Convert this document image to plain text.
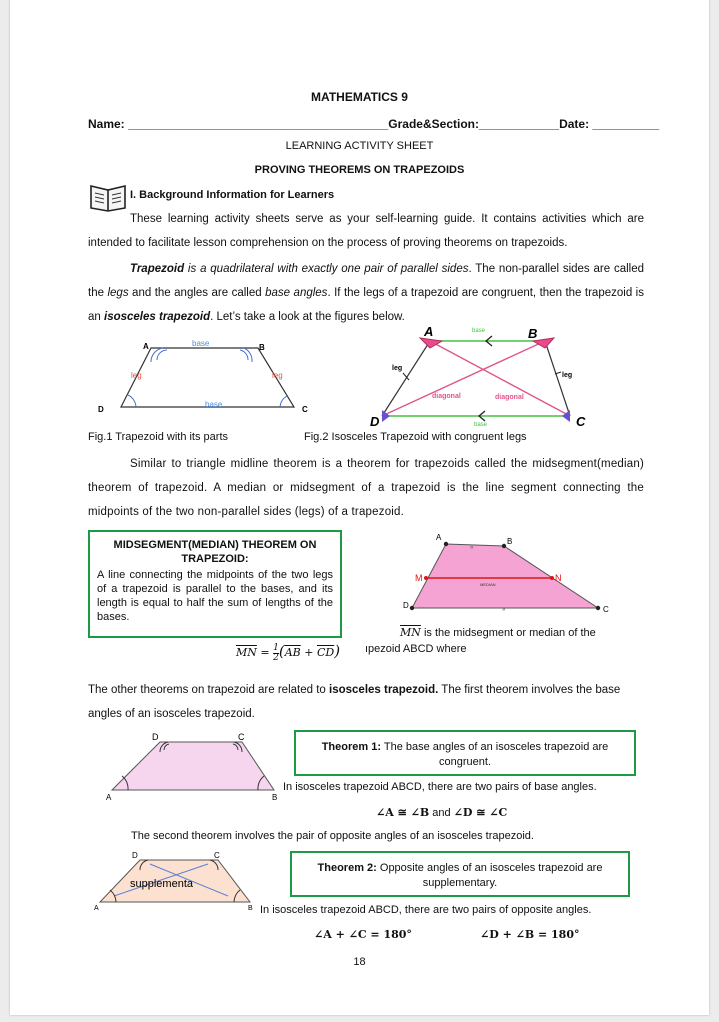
MATHEMATICS 9
Name: _______________________________________Grade&Section:____________Date: __________
LEARNING ACTIVITY SHEET
PROVING THEOREMS ON TRAPEZOIDS
I. Background Information for Learners
These learning activity sheets serve as your self-learning guide. It contains activities which are intended to facilitate lesson comprehension on the process of proving theorems on trapezoids.
Trapezoid is a quadrilateral with exactly one pair of parallel sides. The non-parallel sides are called the legs and the angles are called base angles. If the legs of a trapezoid are congruent, then the trapezoid is an isosceles trapezoid. Let’s take a look at the figures below.
A	B
C
D
base
base
leg	leg
A	B
C
D
base
base
leg
leg
diagonal	diagonal
Fig.1 Trapezoid with its parts	Fig.2 Isosceles Trapezoid with congruent legs
Similar to triangle midline theorem is a theorem for trapezoids called the midsegment(median) theorem of trapezoid. A median or midsegment of a trapezoid is the line segment connecting the midpoints of the two non-parallel sides (legs) of a trapezoid.
MIDSEGMENT(MEDIAN) THEOREM ON TRAPEZOID:
A line connecting the midpoints of the two legs of a trapezoid is parallel to the bases, and its length is equal to half the sum of lengths of the bases.
$\overline{MN} = \frac{1}{2} (\overline{AB} + \overline{CD})$
»
»
A	B
C
D
M	N
MEDIAN
$\overline{MN}$ is the midsegment or median of the
ıpezoid ABCD where
The other theorems on trapezoid are related to isosceles trapezoid. The first theorem involves the base angles of an isosceles trapezoid.
D	C
A	B
Theorem 1: The base angles of an isosceles trapezoid are congruent.
In isosceles trapezoid ABCD, there are two pairs of base angles.
∠A ≅ ∠B and ∠D ≅ ∠C
The second theorem involves the pair of opposite angles of an isosceles trapezoid.
D	C
A	B
supplementa
Theorem 2: Opposite angles of an isosceles trapezoid are supplementary.
In isosceles trapezoid ABCD, there are two pairs of opposite angles.
∠A + ∠C = 180°	∠D + ∠B = 180°
18
